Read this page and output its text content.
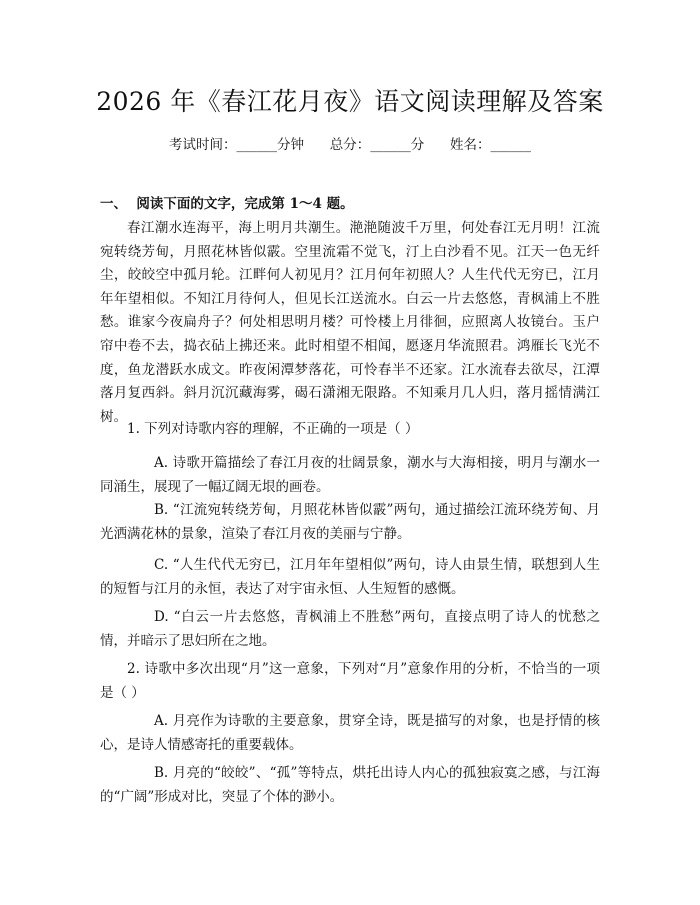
2026 年《春江花月夜》语文阅读理解及答案
考试时间：______分钟      总分：______分      姓名：______
一、  阅读下面的文字，完成第 1～4 题。
春江潮水连海平，海上明月共潮生。滟滟随波千万里，何处春江无月明！江流宛转绕芳甸，月照花林皆似霰。空里流霜不觉飞，汀上白沙看不见。江天一色无纤尘，皎皎空中孤月轮。江畔何人初见月？江月何年初照人？人生代代无穷已，江月年年望相似。不知江月待何人，但见长江送流水。白云一片去悠悠，青枫浦上不胜愁。谁家今夜扁舟子？何处相思明月楼？可怜楼上月徘徊，应照离人妆镜台。玉户帘中卷不去，捣衣砧上拂还来。此时相望不相闻，愿逐月华流照君。鸿雁长飞光不度，鱼龙潜跃水成文。昨夜闲潭梦落花，可怜春半不还家。江水流春去欲尽，江潭落月复西斜。斜月沉沉藏海雾，碣石潇湘无限路。不知乘月几人归，落月摇情满江树。
1. 下列对诗歌内容的理解，不正确的一项是（ ）
A. 诗歌开篇描绘了春江月夜的壮阔景象，潮水与大海相接，明月与潮水一同涌生，展现了一幅辽阔无垠的画卷。
B. “江流宛转绕芳甸，月照花林皆似霰”两句，通过描绘江流环绕芳甸、月光洒满花林的景象，渲染了春江月夜的美丽与宁静。
C. “人生代代无穷已，江月年年望相似”两句，诗人由景生情，联想到人生的短暂与江月的永恒，表达了对宇宙永恒、人生短暂的感慨。
D. “白云一片去悠悠，青枫浦上不胜愁”两句，直接点明了诗人的忧愁之情，并暗示了思妇所在之地。
2. 诗歌中多次出现“月”这一意象，下列对“月”意象作用的分析，不恰当的一项是（ ）
A. 月亮作为诗歌的主要意象，贯穿全诗，既是描写的对象，也是抒情的核心，是诗人情感寄托的重要载体。
B. 月亮的“皎皎”、“孤”等特点，烘托出诗人内心的孤独寂寞之感，与江海的“广阔”形成对比，突显了个体的渺小。
